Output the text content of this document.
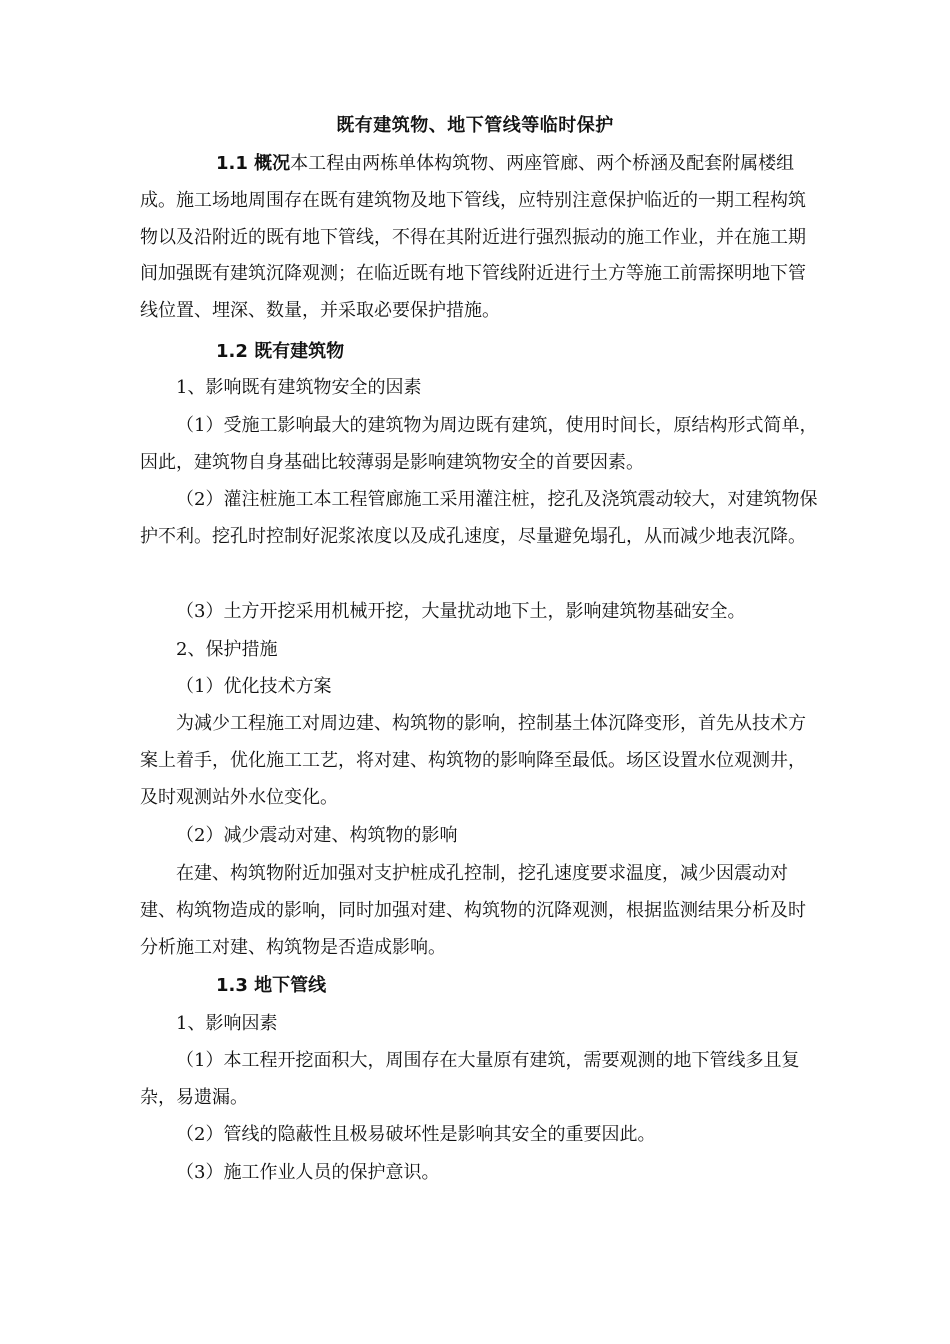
既有建筑物、地下管线等临时保护

1.1 概况本工程由两栋单体构筑物、两座管廊、两个桥涵及配套附属楼组成。施工场地周围存在既有建筑物及地下管线，应特别注意保护临近的一期工程构筑物以及沿附近的既有地下管线，不得在其附近进行强烈振动的施工作业，并在施工期间加强既有建筑沉降观测；在临近既有地下管线附近进行土方等施工前需探明地下管线位置、埋深、数量，并采取必要保护措施。

1.2 既有建筑物

1、影响既有建筑物安全的因素

（1）受施工影响最大的建筑物为周边既有建筑，使用时间长，原结构形式简单，因此，建筑物自身基础比较薄弱是影响建筑物安全的首要因素。

（2）灌注桩施工本工程管廊施工采用灌注桩，挖孔及浇筑震动较大，对建筑物保护不利。挖孔时控制好泥浆浓度以及成孔速度，尽量避免塌孔，从而减少地表沉降。

（3）土方开挖采用机械开挖，大量扰动地下土，影响建筑物基础安全。

2、保护措施

（1）优化技术方案

为减少工程施工对周边建、构筑物的影响，控制基土体沉降变形，首先从技术方案上着手，优化施工工艺，将对建、构筑物的影响降至最低。场区设置水位观测井，及时观测站外水位变化。

（2）减少震动对建、构筑物的影响

在建、构筑物附近加强对支护桩成孔控制，挖孔速度要求温度，减少因震动对建、构筑物造成的影响，同时加强对建、构筑物的沉降观测，根据监测结果分析及时分析施工对建、构筑物是否造成影响。

1.3 地下管线

1、影响因素

（1）本工程开挖面积大，周围存在大量原有建筑，需要观测的地下管线多且复杂，易遗漏。

（2）管线的隐蔽性且极易破坏性是影响其安全的重要因此。

（3）施工作业人员的保护意识。
